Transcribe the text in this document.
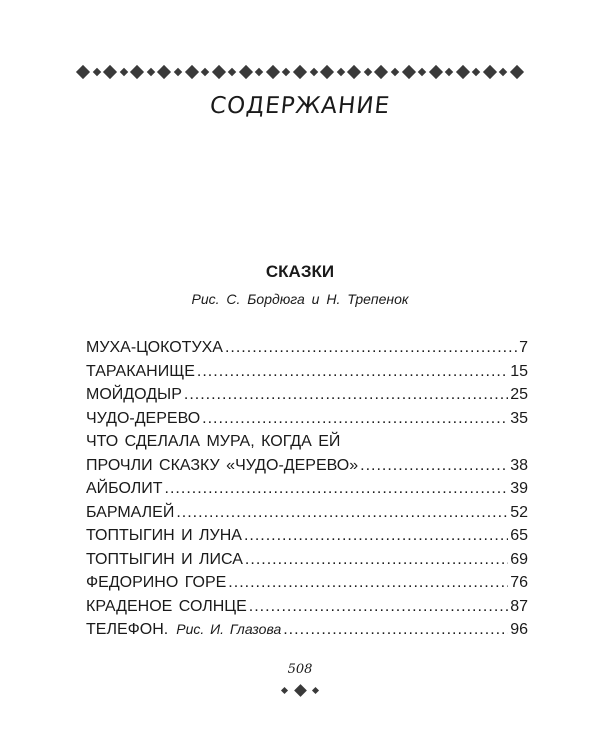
СОДЕРЖАНИЕ
СКАЗКИ
Рис. С. Бордюга и Н. Трепенок
МУХА-ЦОКОТУХА .....	7
ТАРАКАНИЩЕ .....	15
МОЙДОДЫР .....	25
ЧУДО-ДЕРЕВО .....	35
ЧТО СДЕЛАЛА МУРА, КОГДА ЕЙ
ПРОЧЛИ СКАЗКУ «ЧУДО-ДЕРЕВО» .....	38
АЙБОЛИТ .....	39
БАРМАЛЕЙ .....	52
ТОПТЫГИН И ЛУНА .....	65
ТОПТЫГИН И ЛИСА .....	69
ФЕДОРИНО ГОРЕ .....	76
КРАДЕНОЕ СОЛНЦЕ .....	87
ТЕЛЕФОН. Рис. И. Глазова .....	96
508
